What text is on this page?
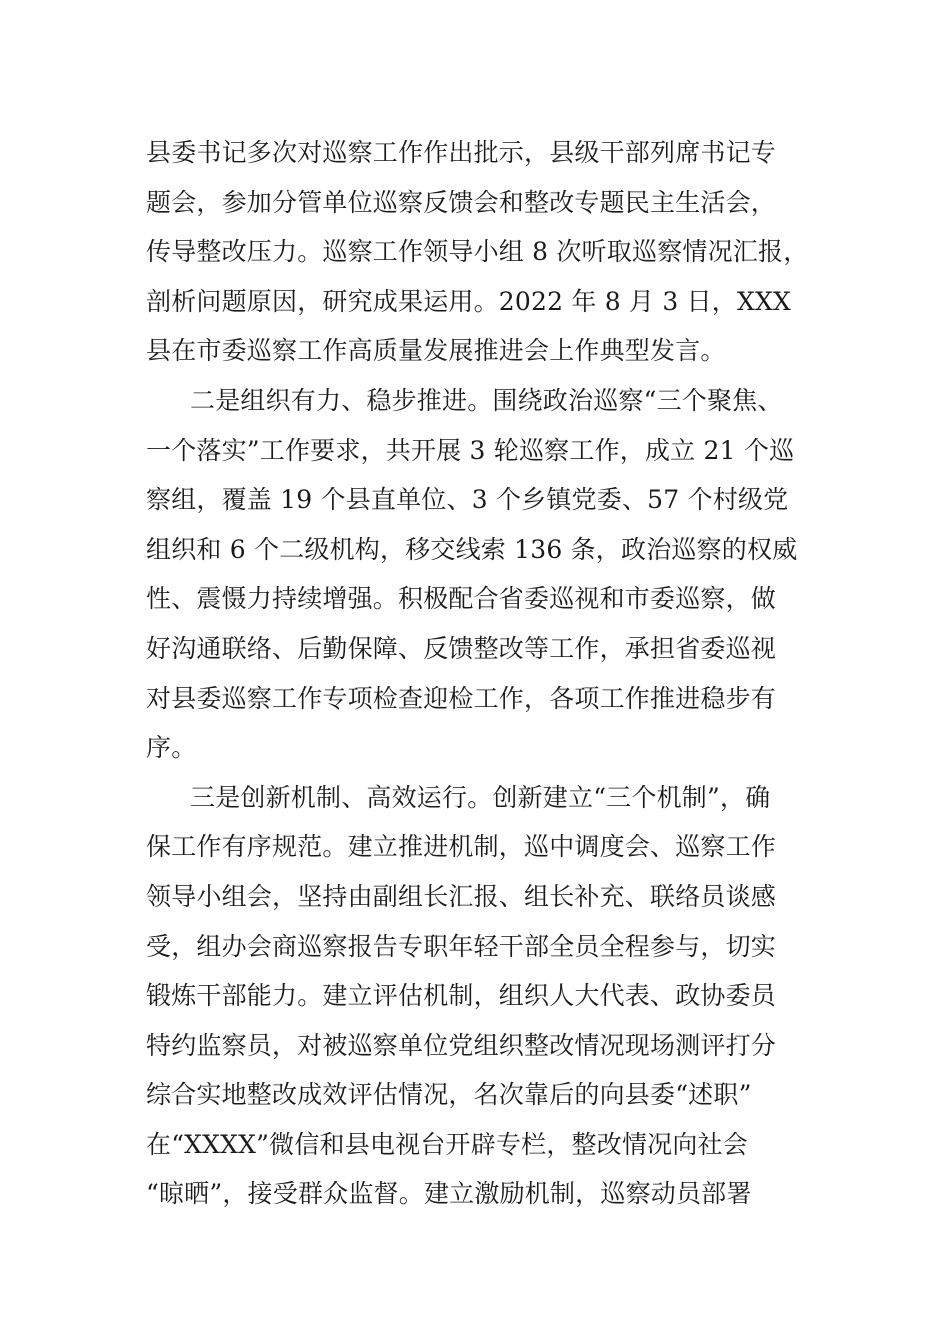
县委书记多次对巡察工作作出批示，县级干部列席书记专
题会，参加分管单位巡察反馈会和整改专题民主生活会，
传导整改压力。巡察工作领导小组 8 次听取巡察情况汇报，
剖析问题原因，研究成果运用。2022 年 8 月 3 日，XXX
县在市委巡察工作高质量发展推进会上作典型发言。
二是组织有力、稳步推进。围绕政治巡察“三个聚焦、
一个落实”工作要求，共开展 3 轮巡察工作，成立 21 个巡
察组，覆盖 19 个县直单位、3 个乡镇党委、57 个村级党
组织和 6 个二级机构，移交线索 136 条，政治巡察的权威
性、震慑力持续增强。积极配合省委巡视和市委巡察，做
好沟通联络、后勤保障、反馈整改等工作，承担省委巡视
对县委巡察工作专项检查迎检工作，各项工作推进稳步有
序。
三是创新机制、高效运行。创新建立“三个机制”，确
保工作有序规范。建立推进机制，巡中调度会、巡察工作
领导小组会，坚持由副组长汇报、组长补充、联络员谈感
受，组办会商巡察报告专职年轻干部全员全程参与，切实
锻炼干部能力。建立评估机制，组织人大代表、政协委员
特约监察员，对被巡察单位党组织整改情况现场测评打分
综合实地整改成效评估情况，名次靠后的向县委“述职”
在“XXXX”微信和县电视台开辟专栏，整改情况向社会
“晾晒”，接受群众监督。建立激励机制，巡察动员部署
